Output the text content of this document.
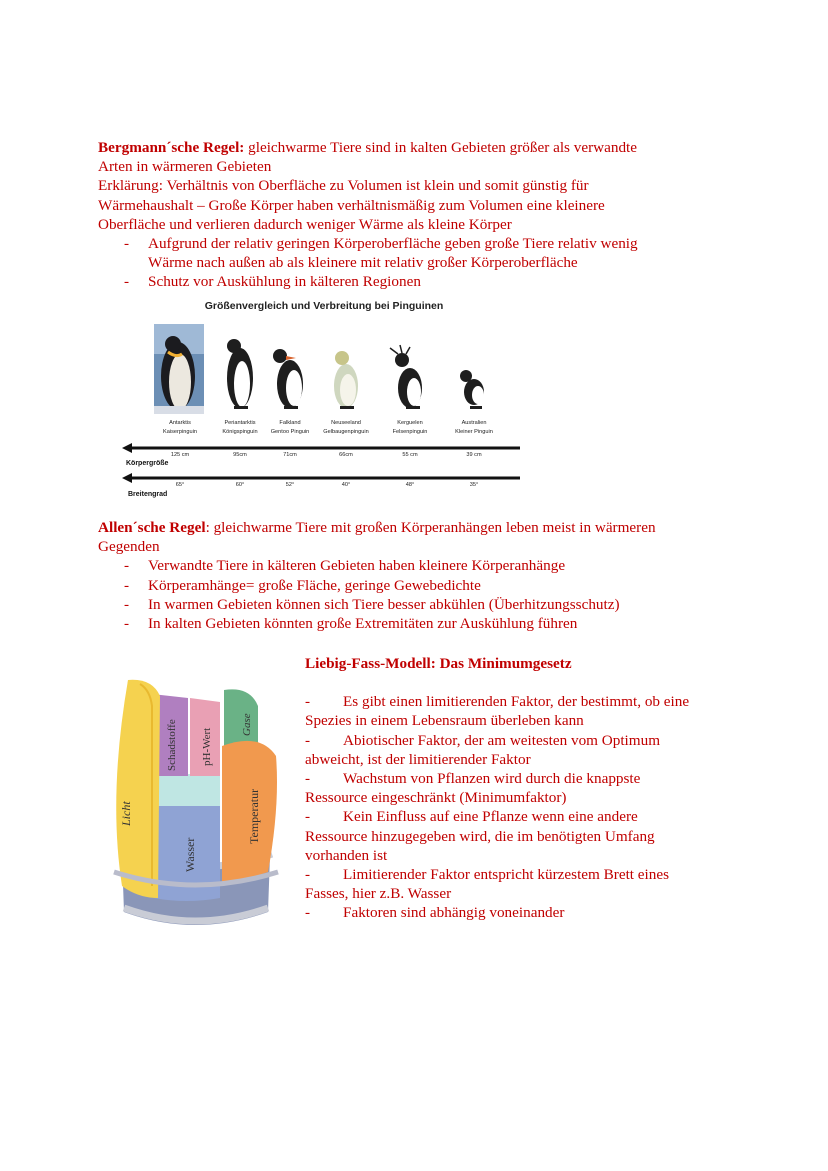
Bergmann´sche Regel: gleichwarme Tiere sind in kalten Gebieten größer als verwandte
Arten in wärmeren Gebieten
Erklärung: Verhältnis von Oberfläche zu Volumen ist klein und somit günstig für
Wärmehaushalt – Große Körper haben verhältnismäßig zum Volumen eine kleinere
Oberfläche und verlieren dadurch weniger Wärme als kleine Körper
- Aufgrund der relativ geringen Körperoberfläche geben große Tiere relativ wenig
Wärme nach außen ab als kleinere mit relativ großer Körperoberfläche
- Schutz vor Auskühlung in kälteren Regionen
Größenvergleich und Verbreitung bei Pinguinen
Antarktis
Kaiserpinguin
125 cm
65°
Periantarktis
Königspinguin
95cm
60°
Falkland
Gentoo Pinguin
71cm
52°
Neuseeland
Gelbaugenpinguin
66cm
40°
Kerguelen
Felsenpinguin
55 cm
48°
Australien
Kleiner Pinguin
39 cm
35°
Körpergröße
Breitengrad
Allen´sche Regel: gleichwarme Tiere mit großen Körperanhängen leben meist in wärmeren
Gegenden
- Verwandte Tiere in kälteren Gebieten haben kleinere Körperanhänge
- Körperamhänge= große Fläche, geringe Gewebedichte
- In warmen Gebieten können sich Tiere besser abkühlen (Überhitzungsschutz)
- In kalten Gebieten könnten große Extremitäten zur Auskühlung führen
Licht
Schadstoffe pH-Wert
Gase
Temperatur
Wasser
Liebig-Fass-Modell: Das Minimumgesetz
- Es gibt einen limitierenden Faktor, der bestimmt, ob eine
Spezies in einem Lebensraum überleben kann
- Abiotischer Faktor, der am weitesten vom Optimum
abweicht, ist der limitierender Faktor
- Wachstum von Pflanzen wird durch die knappste
Ressource eingeschränkt (Minimumfaktor)
- Kein Einfluss auf eine Pflanze wenn eine andere
Ressource hinzugegeben wird, die im benötigten Umfang
vorhanden ist
- Limitierender Faktor entspricht kürzestem Brett eines
Fasses, hier z.B. Wasser
- Faktoren sind abhängig voneinander
